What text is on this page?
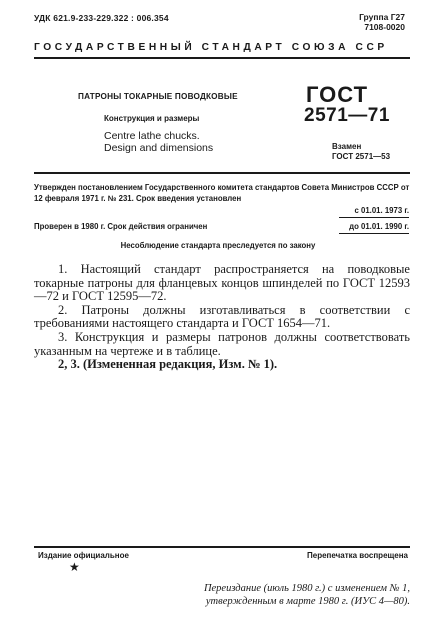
УДК 621.9-233-229.322 : 006.354	Группа Г27
7108-0020
ГОСУДАРСТВЕННЫЙ СТАНДАРТ СОЮЗА ССР
ПАТРОНЫ ТОКАРНЫЕ ПОВОДКОВЫЕ
Конструкция и размеры
Centre lathe chucks.
Design and dimensions
ГОСТ
2571—71
Взамен
ГОСТ 2571—53
Утвержден постановлением Государственного комитета стандартов Совета Министров СССР от 12 февраля 1971 г. № 231. Срок введения установлен
с 01.01. 1973 г.
Проверен в 1980 г. Срок действия ограничен	до 01.01. 1990 г.
Несоблюдение стандарта преследуется по закону

1. Настоящий стандарт распространяется на поводковые токарные патроны для фланцевых концов шпинделей по ГОСТ 12593—72 и ГОСТ 12595—72.

2. Патроны должны изготавливаться в соответствии с требованиями настоящего стандарта и ГОСТ 1654—71.

3. Конструкция и размеры патронов должны соответствовать указанным на чертеже и в таблице.

2, 3. (Измененная редакция, Изм. № 1).

Издание официальное	Перепечатка воспрещена
★
Переиздание (июль 1980 г.) с изменением № 1,
утвержденным в марте 1980 г. (ИУС 4—80).
